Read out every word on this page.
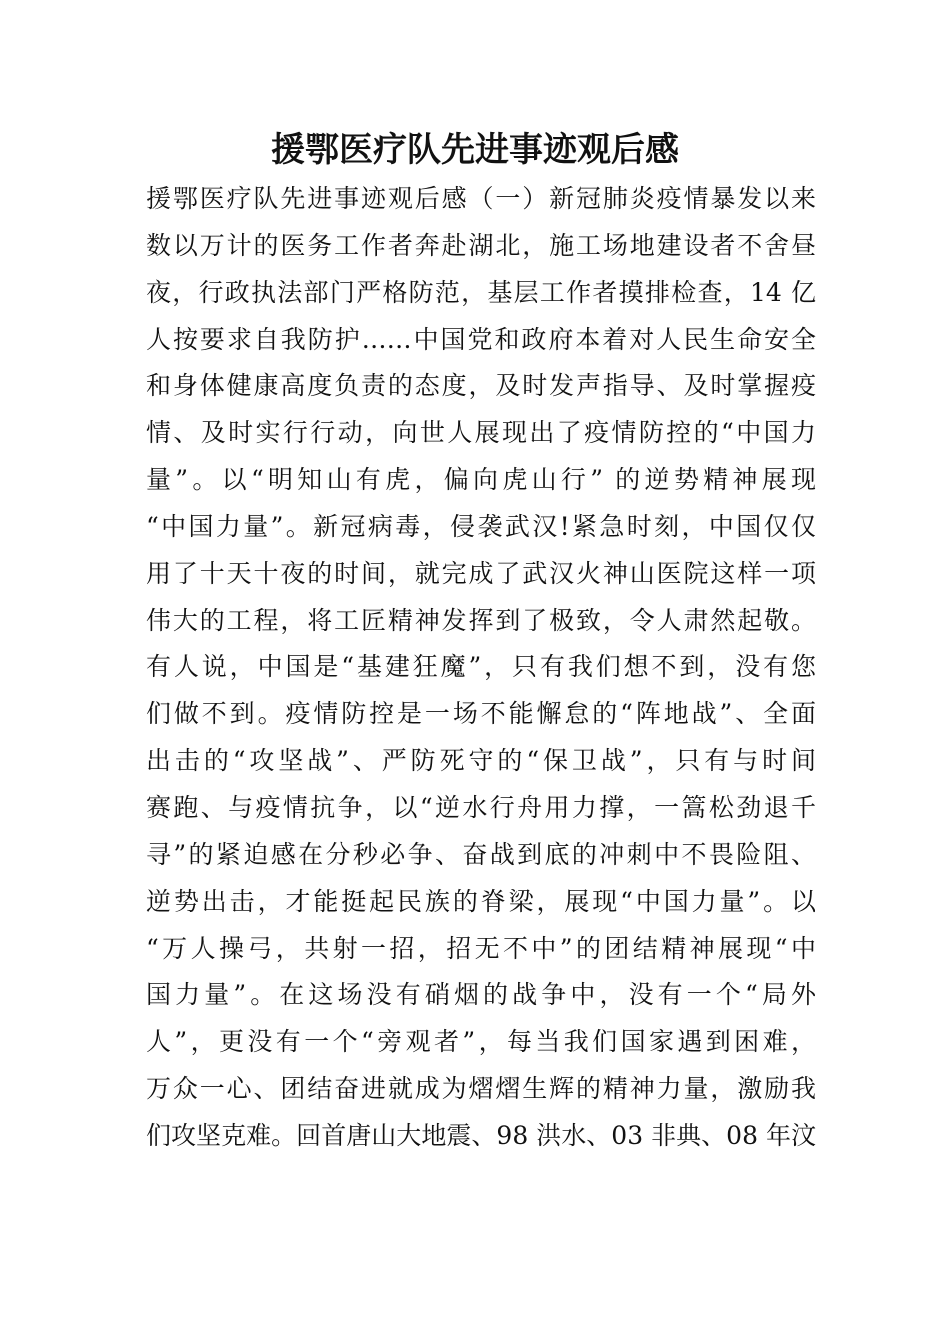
援鄂医疗队先进事迹观后感
援鄂医疗队先进事迹观后感（一）新冠肺炎疫情暴发以来
数以万计的医务工作者奔赴湖北，施工场地建设者不舍昼
夜，行政执法部门严格防范，基层工作者摸排检查，14 亿
人按要求自我防护……中国党和政府本着对人民生命安全
和身体健康高度负责的态度，及时发声指导、及时掌握疫
情、及时实行行动，向世人展现出了疫情防控的“中国力
量”。以“明知山有虎，偏向虎山行” 的逆势精神展现
“中国力量”。新冠病毒，侵袭武汉!紧急时刻，中国仅仅
用了十天十夜的时间，就完成了武汉火神山医院这样一项
伟大的工程，将工匠精神发挥到了极致，令人肃然起敬。
有人说，中国是“基建狂魔”，只有我们想不到，没有您
们做不到。疫情防控是一场不能懈怠的“阵地战”、全面
出击的“攻坚战”、严防死守的“保卫战”，只有与时间
赛跑、与疫情抗争，以“逆水行舟用力撑，一篙松劲退千
寻”的紧迫感在分秒必争、奋战到底的冲刺中不畏险阻、
逆势出击，才能挺起民族的脊梁，展现“中国力量”。以
“万人操弓，共射一招，招无不中”的团结精神展现“中
国力量”。在这场没有硝烟的战争中，没有一个“局外
人”，更没有一个“旁观者”，每当我们国家遇到困难，
万众一心、团结奋进就成为熠熠生辉的精神力量，激励我
们攻坚克难。回首唐山大地震、98 洪水、03 非典、08 年汶
